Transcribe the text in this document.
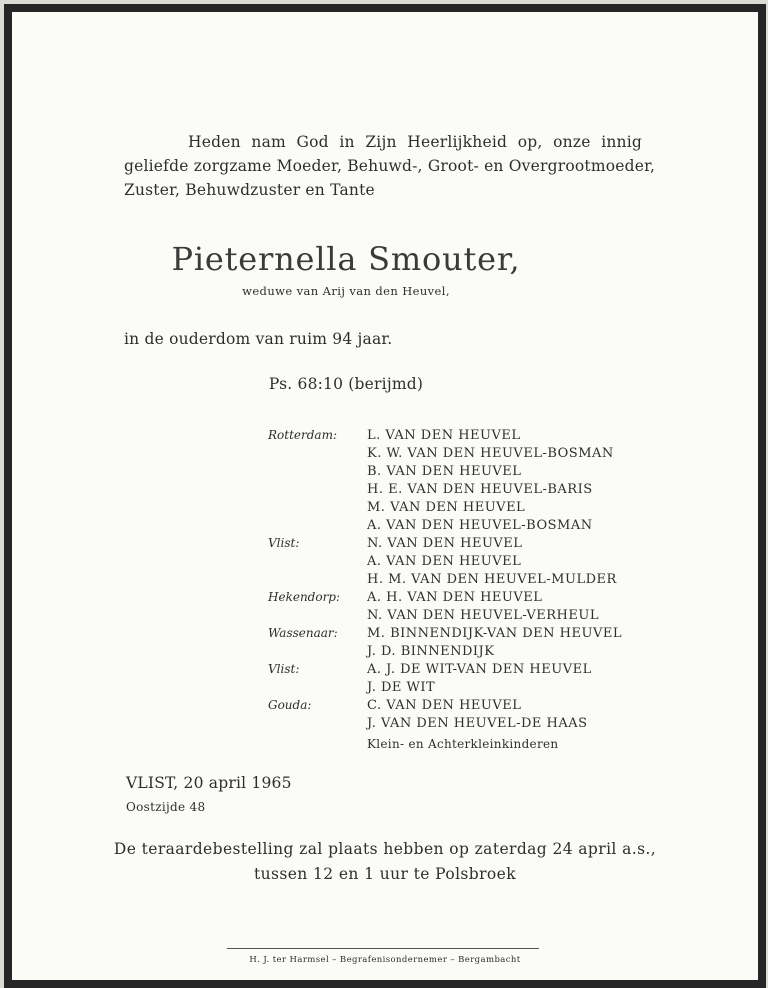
Heden nam God in Zijn Heerlijkheid op, onze innig

geliefde zorgzame Moeder, Behuwd-, Groot- en Overgrootmoeder,

Zuster, Behuwdzuster en Tante

Pieternella Smouter,
weduwe van Arij van den Heuvel,
in de ouderdom van ruim 94 jaar.
Ps. 68:10 (berijmd)
Rotterdam: L. VAN DEN HEUVEL
K. W. VAN DEN HEUVEL-BOSMAN
B. VAN DEN HEUVEL
H. E. VAN DEN HEUVEL-BARIS
M. VAN DEN HEUVEL
A. VAN DEN HEUVEL-BOSMAN
Vlist:	N. VAN DEN HEUVEL
A. VAN DEN HEUVEL
H. M. VAN DEN HEUVEL-MULDER
Hekendorp: A. H. VAN DEN HEUVEL
N. VAN DEN HEUVEL-VERHEUL
Wassenaar: M. BINNENDIJK-VAN DEN HEUVEL
J. D. BINNENDIJK
Vlist:	A. J. DE WIT-VAN DEN HEUVEL
J. DE WIT
Gouda:	C. VAN DEN HEUVEL
J. VAN DEN HEUVEL-DE HAAS
Klein- en Achterkleinkinderen
VLIST, 20 april 1965
Oostzijde 48
De teraardebestelling zal plaats hebben op zaterdag 24 april a.s.,
tussen 12 en 1 uur te Polsbroek
H. J. ter Harmsel – Begrafenisondernemer – Bergambacht
